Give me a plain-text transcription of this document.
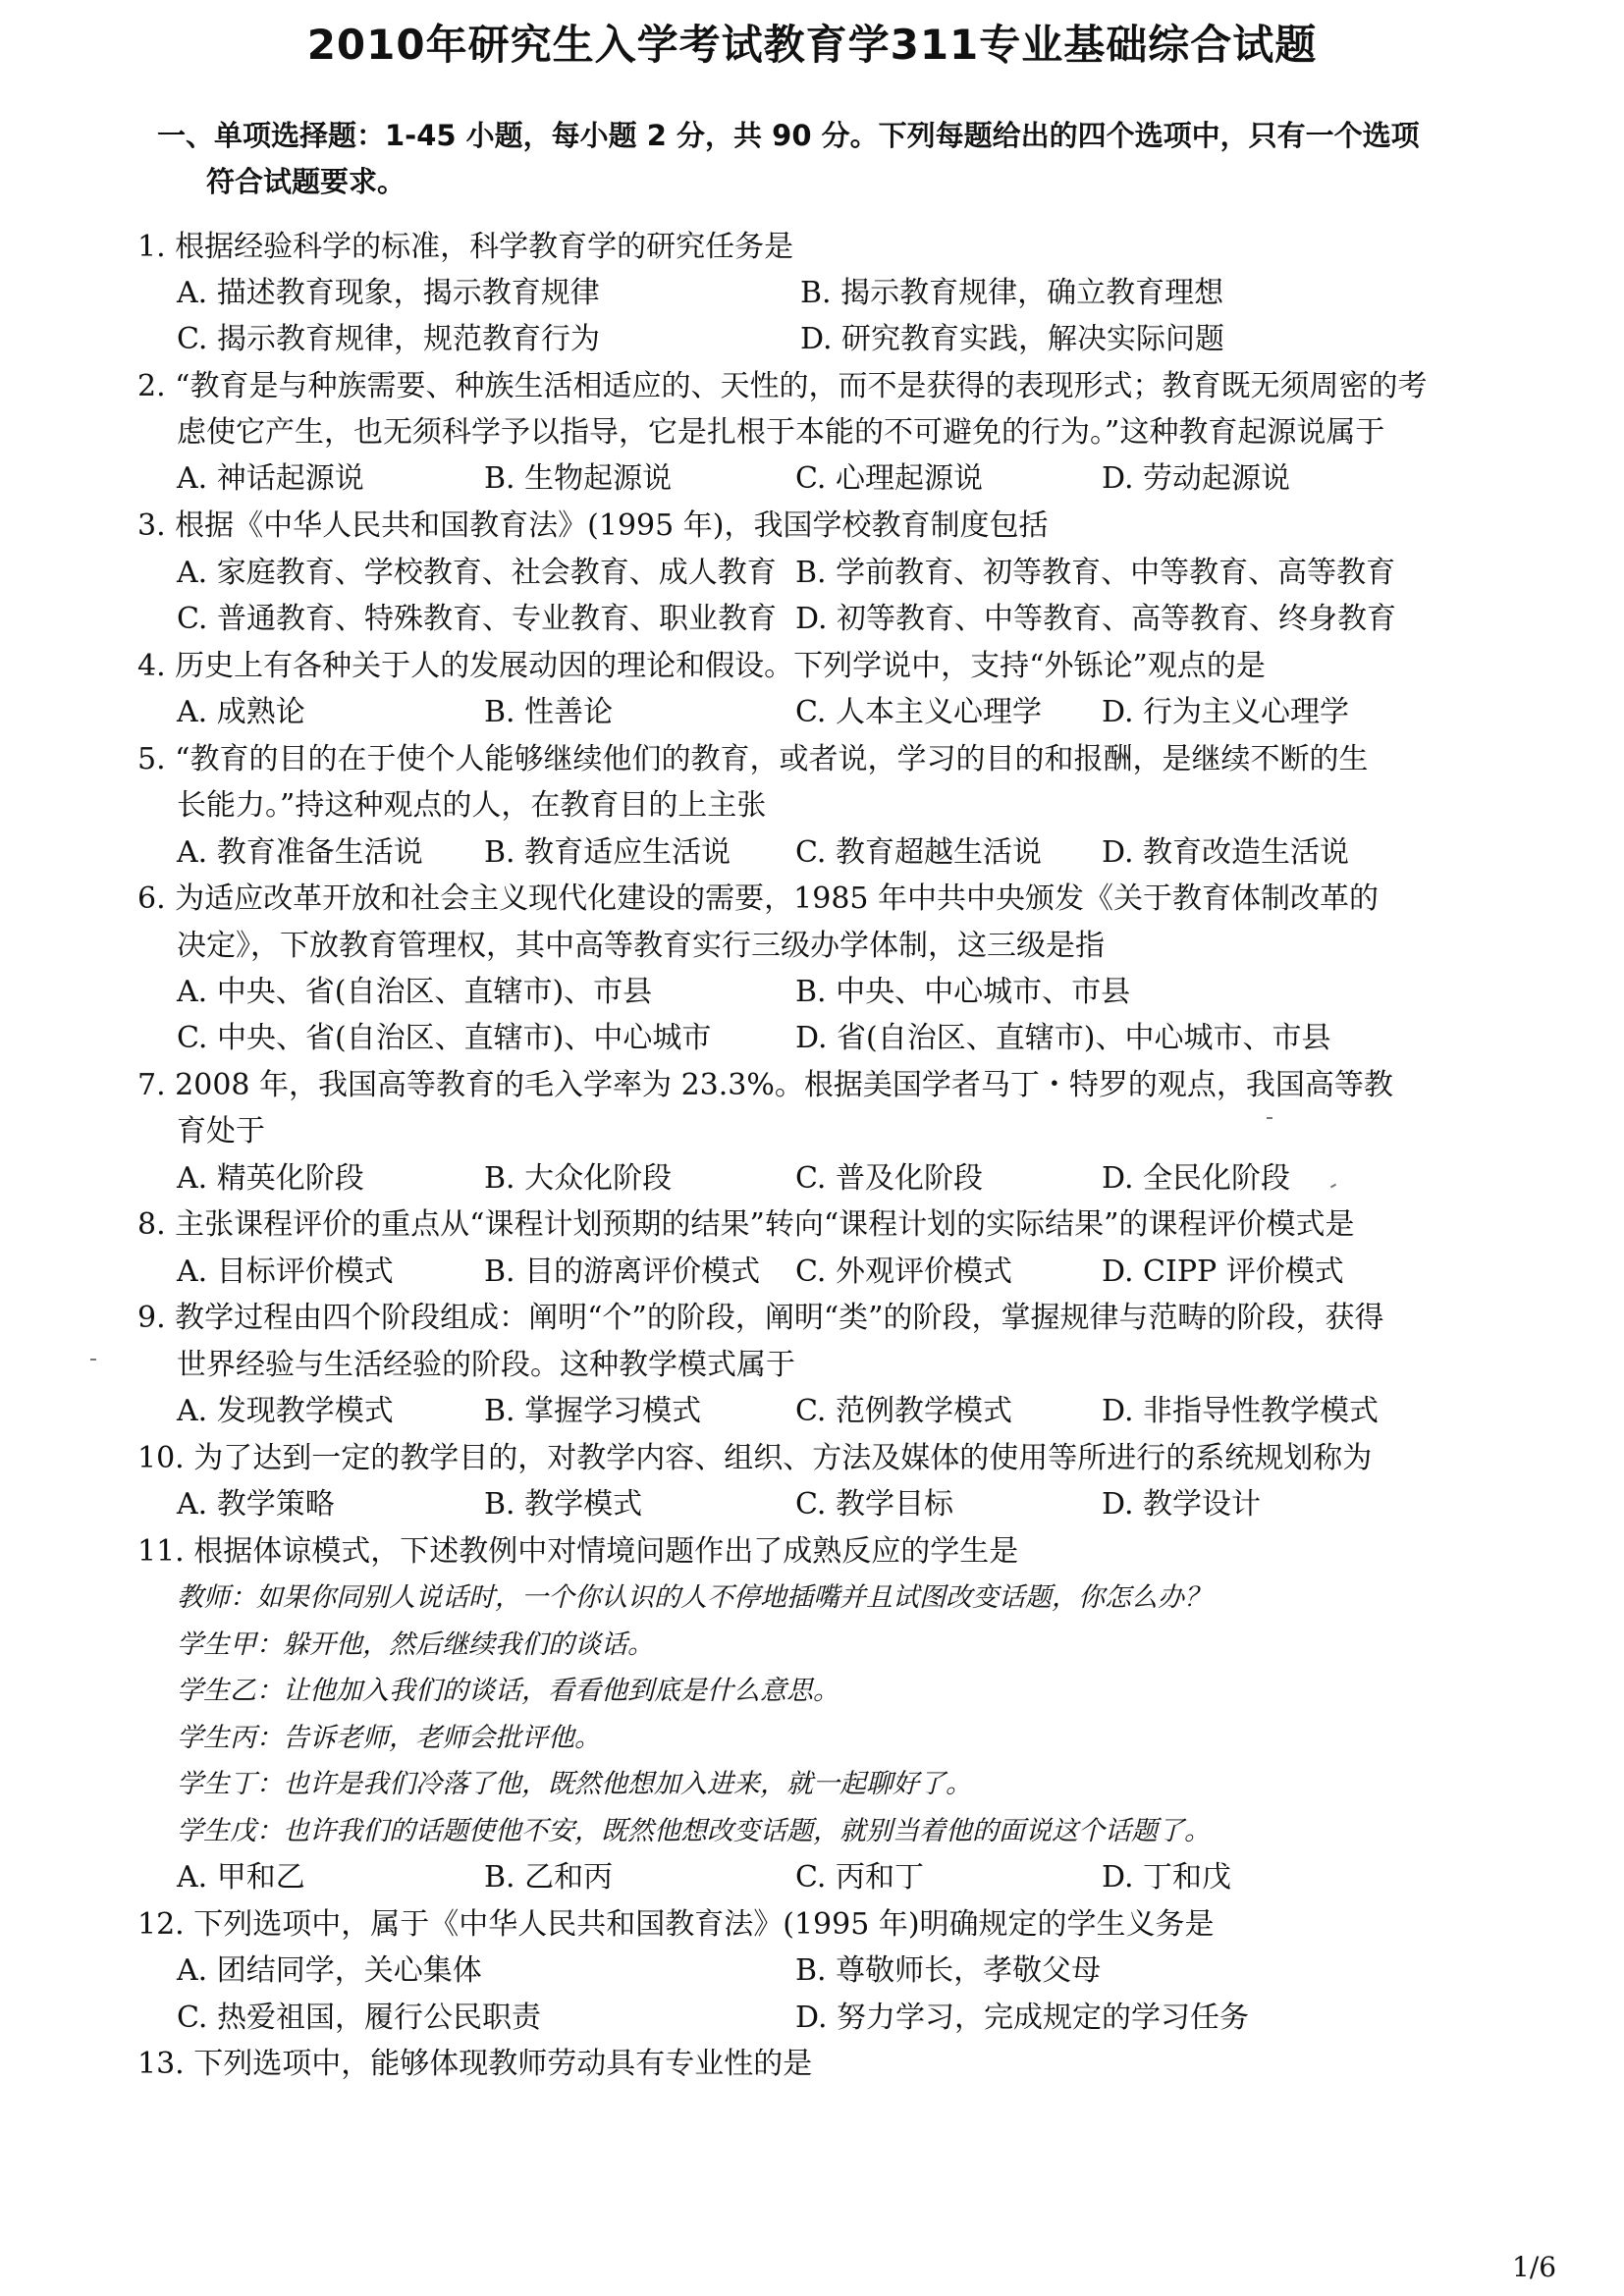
2010年研究生入学考试教育学311专业基础综合试题
一、单项选择题：1-45 小题，每小题 2 分，共 90 分。下列每题给出的四个选项中，只有一个选项
符合试题要求。
1. 根据经验科学的标准，科学教育学的研究任务是
A. 描述教育现象，揭示教育规律	B. 揭示教育规律，确立教育理想
C. 揭示教育规律，规范教育行为	D. 研究教育实践，解决实际问题
2. “教育是与种族需要、种族生活相适应的、天性的，而不是获得的表现形式；教育既无须周密的考
虑使它产生，也无须科学予以指导，它是扎根于本能的不可避免的行为。”这种教育起源说属于
A. 神话起源说	B. 生物起源说	C. 心理起源说	D. 劳动起源说
3. 根据《中华人民共和国教育法》(1995 年)，我国学校教育制度包括
A. 家庭教育、学校教育、社会教育、成人教育 B. 学前教育、初等教育、中等教育、高等教育
C. 普通教育、特殊教育、专业教育、职业教育 D. 初等教育、中等教育、高等教育、终身教育
4. 历史上有各种关于人的发展动因的理论和假设。下列学说中，支持“外铄论”观点的是
A. 成熟论	B. 性善论	C. 人本主义心理学 D. 行为主义心理学
5. “教育的目的在于使个人能够继续他们的教育，或者说，学习的目的和报酬，是继续不断的生
长能力。”持这种观点的人，在教育目的上主张
A. 教育准备生活说 B. 教育适应生活说 C. 教育超越生活说 D. 教育改造生活说
6. 为适应改革开放和社会主义现代化建设的需要，1985 年中共中央颁发《关于教育体制改革的
决定》，下放教育管理权，其中高等教育实行三级办学体制，这三级是指
A. 中央、省(自治区、直辖市)、市县	B. 中央、中心城市、市县
C. 中央、省(自治区、直辖市)、中心城市	D. 省(自治区、直辖市)、中心城市、市县
7. 2008 年，我国高等教育的毛入学率为 23.3%。根据美国学者马丁・特罗的观点，我国高等教
育处于
A. 精英化阶段	B. 大众化阶段	C. 普及化阶段	D. 全民化阶段
8. 主张课程评价的重点从“课程计划预期的结果”转向“课程计划的实际结果”的课程评价模式是
A. 目标评价模式	B. 目的游离评价模式 C. 外观评价模式	D. CIPP 评价模式
9. 教学过程由四个阶段组成：阐明“个”的阶段，阐明“类”的阶段，掌握规律与范畴的阶段，获得
世界经验与生活经验的阶段。这种教学模式属于
A. 发现教学模式	B. 掌握学习模式	C. 范例教学模式	D. 非指导性教学模式
10. 为了达到一定的教学目的，对教学内容、组织、方法及媒体的使用等所进行的系统规划称为
A. 教学策略	B. 教学模式	C. 教学目标	D. 教学设计
11. 根据体谅模式，下述教例中对情境问题作出了成熟反应的学生是
教师：如果你同别人说话时，一个你认识的人不停地插嘴并且试图改变话题，你怎么办？
学生甲：躲开他，然后继续我们的谈话。
学生乙：让他加入我们的谈话，看看他到底是什么意思。
学生丙：告诉老师，老师会批评他。
学生丁：也许是我们冷落了他，既然他想加入进来，就一起聊好了。
学生戊：也许我们的话题使他不安，既然他想改变话题，就别当着他的面说这个话题了。
A. 甲和乙	B. 乙和丙	C. 丙和丁	D. 丁和戊
12. 下列选项中，属于《中华人民共和国教育法》(1995 年)明确规定的学生义务是
A. 团结同学，关心集体	B. 尊敬师长，孝敬父母
C. 热爱祖国，履行公民职责	D. 努力学习，完成规定的学习任务
13. 下列选项中，能够体现教师劳动具有专业性的是
1/6
